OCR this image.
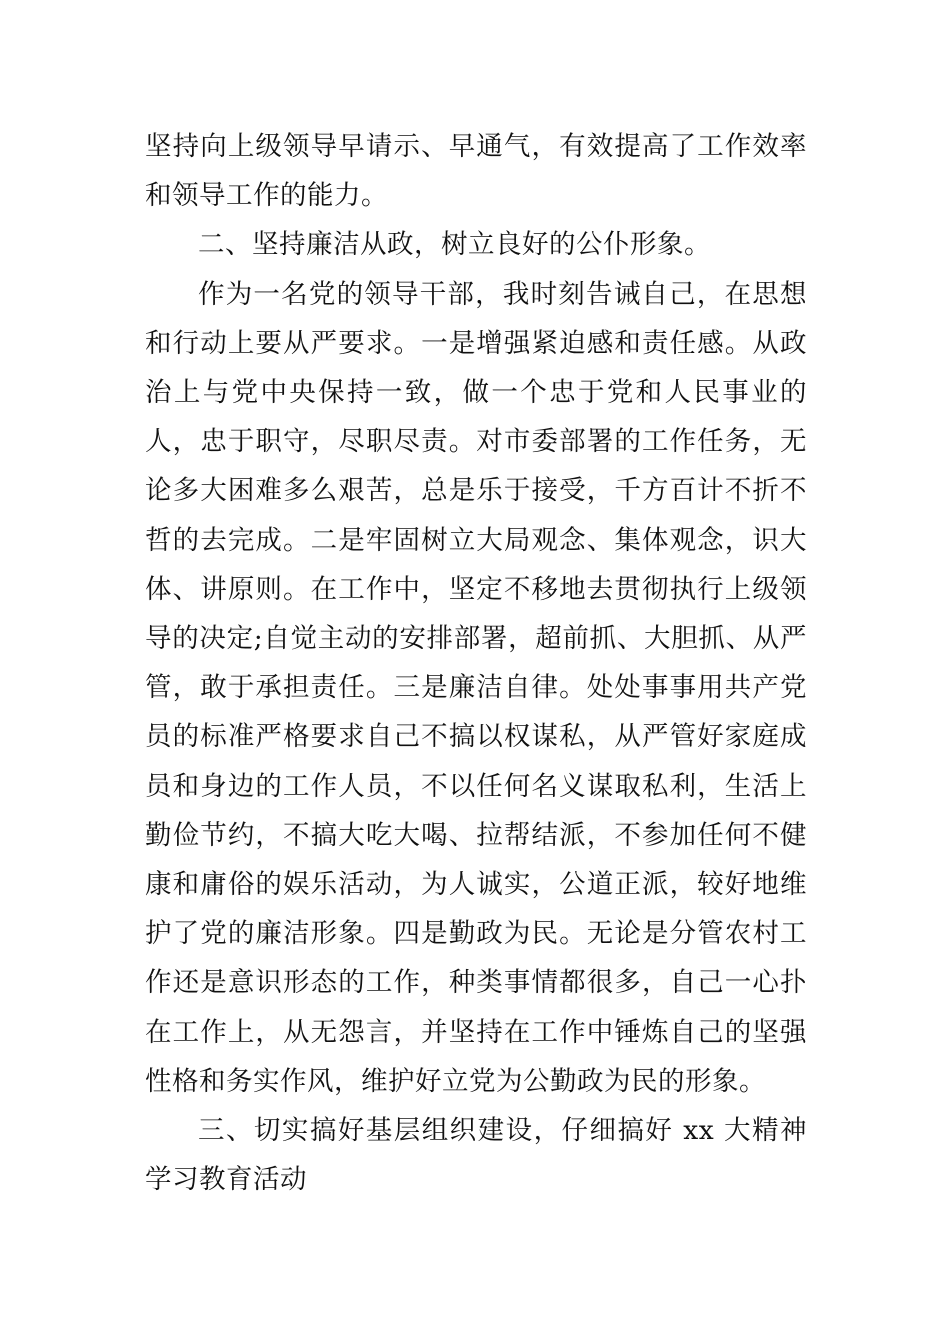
坚持向上级领导早请示、早通气，有效提高了工作效率和领导工作的能力。

二、坚持廉洁从政，树立良好的公仆形象。

作为一名党的领导干部，我时刻告诫自己，在思想和行动上要从严要求。一是增强紧迫感和责任感。从政治上与党中央保持一致，做一个忠于党和人民事业的人，忠于职守，尽职尽责。对市委部署的工作任务，无论多大困难多么艰苦，总是乐于接受，千方百计不折不哲的去完成。二是牢固树立大局观念、集体观念，识大体、讲原则。在工作中，坚定不移地去贯彻执行上级领导的决定;自觉主动的安排部署，超前抓、大胆抓、从严管，敢于承担责任。三是廉洁自律。处处事事用共产党员的标准严格要求自己不搞以权谋私，从严管好家庭成员和身边的工作人员，不以任何名义谋取私利，生活上勤俭节约，不搞大吃大喝、拉帮结派，不参加任何不健康和庸俗的娱乐活动，为人诚实，公道正派，较好地维护了党的廉洁形象。四是勤政为民。无论是分管农村工作还是意识形态的工作，种类事情都很多，自己一心扑在工作上，从无怨言，并坚持在工作中锤炼自己的坚强性格和务实作风，维护好立党为公勤政为民的形象。

三、切实搞好基层组织建设，仔细搞好 xx 大精神学习教育活动
